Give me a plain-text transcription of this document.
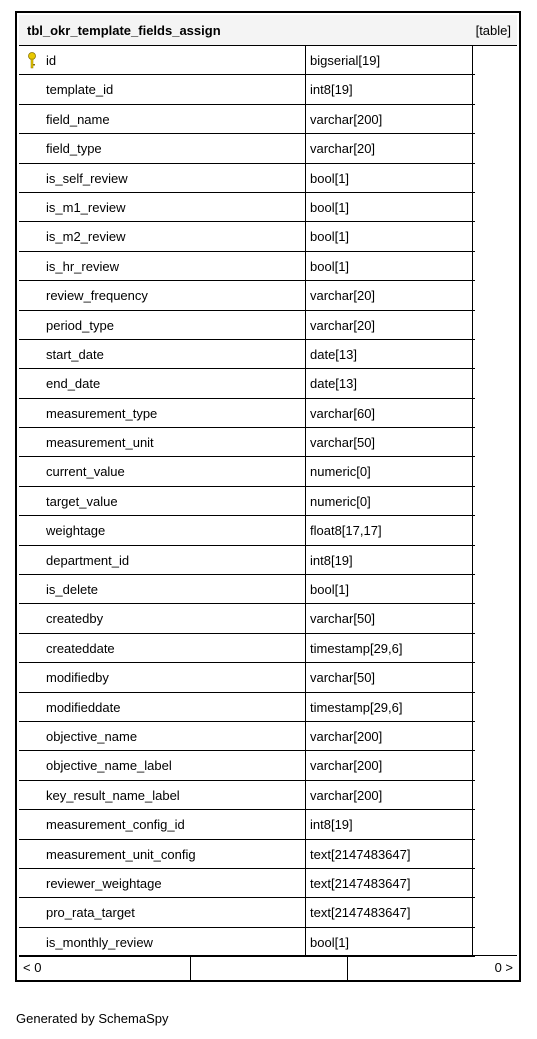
tbl_okr_template_fields_assign	[table]
id	bigserial[19]
template_id	int8[19]
field_name	varchar[200]
field_type	varchar[20]
is_self_review	bool[1]
is_m1_review	bool[1]
is_m2_review	bool[1]
is_hr_review	bool[1]
review_frequency	varchar[20]
period_type	varchar[20]
start_date	date[13]
end_date	date[13]
measurement_type	varchar[60]
measurement_unit	varchar[50]
current_value	numeric[0]
target_value	numeric[0]
weightage	float8[17,17]
department_id	int8[19]
is_delete	bool[1]
createdby	varchar[50]
createddate	timestamp[29,6]
modifiedby	varchar[50]
modifieddate	timestamp[29,6]
objective_name	varchar[200]
objective_name_label	varchar[200]
key_result_name_label	varchar[200]
measurement_config_id	int8[19]
measurement_unit_config	text[2147483647]
reviewer_weightage	text[2147483647]
pro_rata_target	text[2147483647]
is_monthly_review	bool[1]
< 0	0 >
Generated by SchemaSpy
